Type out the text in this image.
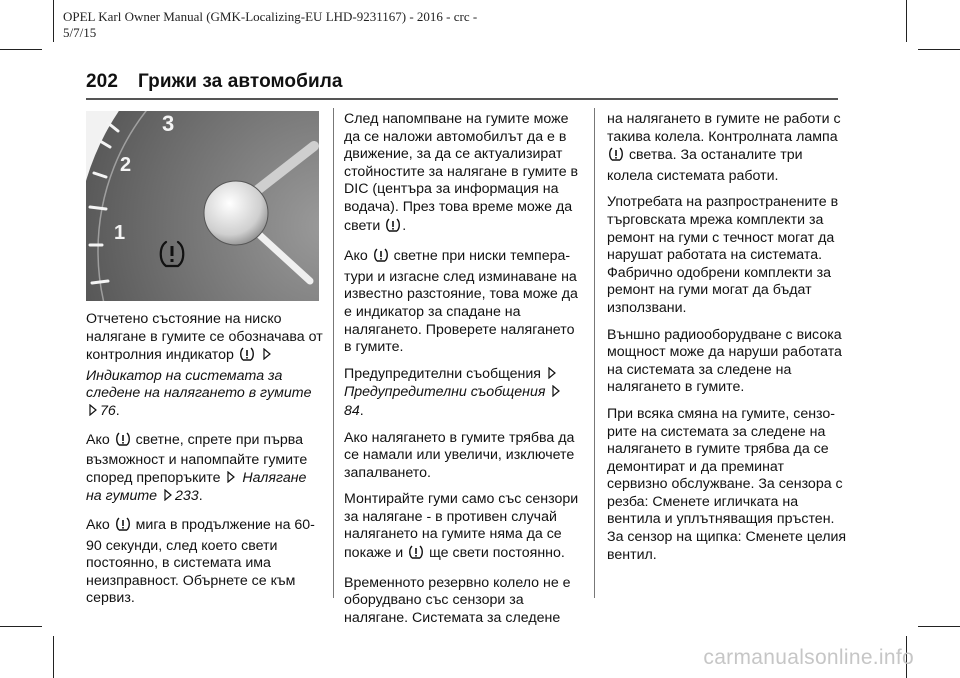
OPEL Karl Owner Manual (GMK-Localizing-EU LHD-9231167) - 2016 - crc -
5/7/15
202 Грижи за автомобила
3
2
1

Отчетено състояние на ниско налягане в гумите се обозначава от контролния индикатор   Индикатор на системата за следене на налягането в гумите 76.

Ако светне, спрете при първа възможност и напомпайте гумите според препоръките Налягане на гумите 233.

Ако мига в продължение на 60-90 секунди, след което свети постоянно, в системата има неизправност. Обърнете се към сервиз.

След напомпване на гумите може да се наложи автомобилът да е в движение, за да се актуализират стойностите за налягане в гумите в DIC (центъра за информация на водача). През това време може да свети .

Ако светне при ниски температури и изгасне след изминаване на известно разстояние, това може да е индикатор за спадане на налягането. Проверете налягането в гумите.

Предупредителни съобщения
Предупредителни съобщения 84.

Ако налягането в гумите трябва да се намали или увеличи, изключете запалването.

Монтирайте гуми само със сензори за налягане - в противен случай налягането на гумите няма да се покаже и ще свети постоянно.

Временното резервно колело не е оборудвано със сензори за налягане. Системата за следене

на налягането в гумите не работи с такива колела. Контролната лампа  светва. За останалите три колела системата работи.

Употребата на разпространените в търговската мрежа комплекти за ремонт на гуми с течност могат да нарушат работата на системата. Фабрично одобрени комплекти за ремонт на гуми могат да бъдат използвани.

Външно радиооборудване с висока мощност може да наруши работата на системата за следене на налягането в гумите.

При всяка смяна на гумите, сензорите на системата за следене на налягането в гумите трябва да се демонтират и да преминат сервизно обслужване. За сензора с резба: Сменете игличката на вентила и уплътняващия пръстен. За сензор на щипка: Сменете целия вентил.

carmanualsonline.info
